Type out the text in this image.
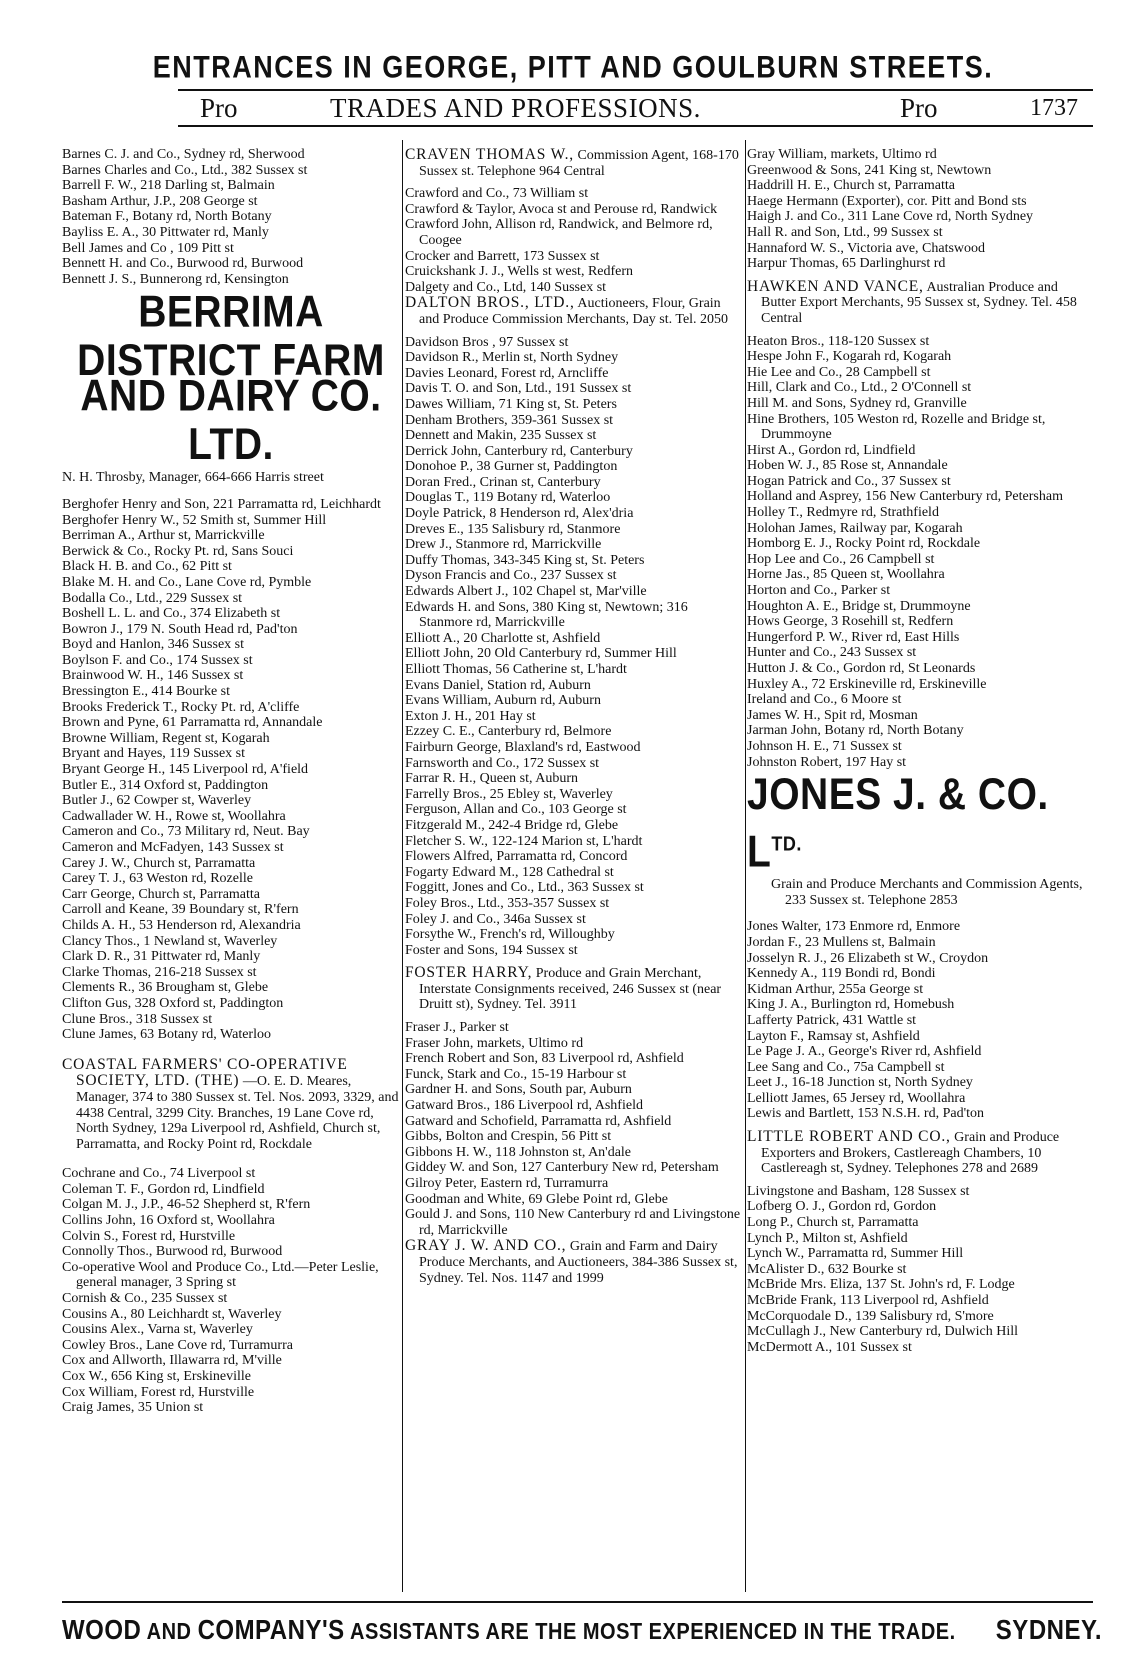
ENTRANCES IN GEORGE, PITT AND GOULBURN STREETS.
Pro	TRADES AND PROFESSIONS.	Pro	1737
Barnes C. J. and Co., Sydney rd, Sherwood
Barnes Charles and Co., Ltd., 382 Sussex st
Barrell F. W., 218 Darling st, Balmain
Basham Arthur, J.P., 208 George st
Bateman F., Botany rd, North Botany
Bayliss E. A., 30 Pittwater rd, Manly
Bell James and Co , 109 Pitt st
Bennett H. and Co., Burwood rd, Burwood
Bennett J. S., Bunnerong rd, Kensington
BERRIMA DISTRICT FARM
AND DAIRY CO. LTD.
N. H. Throsby, Manager, 664-666 Harris street
Berghofer Henry and Son, 221 Parramatta rd, Leichhardt
Berghofer Henry W., 52 Smith st, Summer Hill
Berriman A., Arthur st, Marrickville
Berwick & Co., Rocky Pt. rd, Sans Souci
Black H. B. and Co., 62 Pitt st
Blake M. H. and Co., Lane Cove rd, Pymble
Bodalla Co., Ltd., 229 Sussex st
Boshell L. L. and Co., 374 Elizabeth st
Bowron J., 179 N. South Head rd, Pad'ton
Boyd and Hanlon, 346 Sussex st
Boylson F. and Co., 174 Sussex st
Brainwood W. H., 146 Sussex st
Bressington E., 414 Bourke st
Brooks Frederick T., Rocky Pt. rd, A'cliffe
Brown and Pyne, 61 Parramatta rd, Annandale
Browne William, Regent st, Kogarah
Bryant and Hayes, 119 Sussex st
Bryant George H., 145 Liverpool rd, A'field
Butler E., 314 Oxford st, Paddington
Butler J., 62 Cowper st, Waverley
Cadwallader W. H., Rowe st, Woollahra
Cameron and Co., 73 Military rd, Neut. Bay
Cameron and McFadyen, 143 Sussex st
Carey J. W., Church st, Parramatta
Carey T. J., 63 Weston rd, Rozelle
Carr George, Church st, Parramatta
Carroll and Keane, 39 Boundary st, R'fern
Childs A. H., 53 Henderson rd, Alexandria
Clancy Thos., 1 Newland st, Waverley
Clark D. R., 31 Pittwater rd, Manly
Clarke Thomas, 216-218 Sussex st
Clements R., 36 Brougham st, Glebe
Clifton Gus, 328 Oxford st, Paddington
Clune Bros., 318 Sussex st
Clune James, 63 Botany rd, Waterloo
COASTAL FARMERS' CO-OPERATIVE SOCIETY, LTD. (THE) —O. E. D. Meares, Manager, 374 to 380 Sussex st. Tel. Nos. 2093, 3329, and 4438 Central, 3299 City. Branches, 19 Lane Cove rd, North Sydney, 129a Liverpool rd, Ashfield, Church st, Parramatta, and Rocky Point rd, Rockdale
Cochrane and Co., 74 Liverpool st
Coleman T. F., Gordon rd, Lindfield
Colgan M. J., J.P., 46-52 Shepherd st, R'fern
Collins John, 16 Oxford st, Woollahra
Colvin S., Forest rd, Hurstville
Connolly Thos., Burwood rd, Burwood
Co-operative Wool and Produce Co., Ltd.—Peter Leslie, general manager, 3 Spring st
Cornish & Co., 235 Sussex st
Cousins A., 80 Leichhardt st, Waverley
Cousins Alex., Varna st, Waverley
Cowley Bros., Lane Cove rd, Turramurra
Cox and Allworth, Illawarra rd, M'ville
Cox W., 656 King st, Erskineville
Cox William, Forest rd, Hurstville
Craig James, 35 Union st
CRAVEN THOMAS W., Commission Agent, 168-170 Sussex st. Telephone 964 Central
Crawford and Co., 73 William st
Crawford & Taylor, Avoca st and Perouse rd, Randwick
Crawford John, Allison rd, Randwick, and Belmore rd, Coogee
Crocker and Barrett, 173 Sussex st
Cruickshank J. J., Wells st west, Redfern
Dalgety and Co., Ltd, 140 Sussex st
DALTON BROS., LTD., Auctioneers, Flour, Grain and Produce Commission Merchants, Day st. Tel. 2050
Davidson Bros , 97 Sussex st
Davidson R., Merlin st, North Sydney
Davies Leonard, Forest rd, Arncliffe
Davis T. O. and Son, Ltd., 191 Sussex st
Dawes William, 71 King st, St. Peters
Denham Brothers, 359-361 Sussex st
Dennett and Makin, 235 Sussex st
Derrick John, Canterbury rd, Canterbury
Donohoe P., 38 Gurner st, Paddington
Doran Fred., Crinan st, Canterbury
Douglas T., 119 Botany rd, Waterloo
Doyle Patrick, 8 Henderson rd, Alex'dria
Dreves E., 135 Salisbury rd, Stanmore
Drew J., Stanmore rd, Marrickville
Duffy Thomas, 343-345 King st, St. Peters
Dyson Francis and Co., 237 Sussex st
Edwards Albert J., 102 Chapel st, Mar'ville
Edwards H. and Sons, 380 King st, Newtown; 316 Stanmore rd, Marrickville
Elliott A., 20 Charlotte st, Ashfield
Elliott John, 20 Old Canterbury rd, Summer Hill
Elliott Thomas, 56 Catherine st, L'hardt
Evans Daniel, Station rd, Auburn
Evans William, Auburn rd, Auburn
Exton J. H., 201 Hay st
Ezzey C. E., Canterbury rd, Belmore
Fairburn George, Blaxland's rd, Eastwood
Farnsworth and Co., 172 Sussex st
Farrar R. H., Queen st, Auburn
Farrelly Bros., 25 Ebley st, Waverley
Ferguson, Allan and Co., 103 George st
Fitzgerald M., 242-4 Bridge rd, Glebe
Fletcher S. W., 122-124 Marion st, L'hardt
Flowers Alfred, Parramatta rd, Concord
Fogarty Edward M., 128 Cathedral st
Foggitt, Jones and Co., Ltd., 363 Sussex st
Foley Bros., Ltd., 353-357 Sussex st
Foley J. and Co., 346a Sussex st
Forsythe W., French's rd, Willoughby
Foster and Sons, 194 Sussex st
FOSTER HARRY, Produce and Grain Merchant, Interstate Consignments received, 246 Sussex st (near Druitt st), Sydney. Tel. 3911
Fraser J., Parker st
Fraser John, markets, Ultimo rd
French Robert and Son, 83 Liverpool rd, Ashfield
Funck, Stark and Co., 15-19 Harbour st
Gardner H. and Sons, South par, Auburn
Gatward Bros., 186 Liverpool rd, Ashfield
Gatward and Schofield, Parramatta rd, Ashfield
Gibbs, Bolton and Crespin, 56 Pitt st
Gibbons H. W., 118 Johnston st, An'dale
Giddey W. and Son, 127 Canterbury New rd, Petersham
Gilroy Peter, Eastern rd, Turramurra
Goodman and White, 69 Glebe Point rd, Glebe
Gould J. and Sons, 110 New Canterbury rd and Livingstone rd, Marrickville
GRAY J. W. AND CO., Grain and Farm and Dairy Produce Merchants, and Auctioneers, 384-386 Sussex st, Sydney. Tel. Nos. 1147 and 1999
Gray William, markets, Ultimo rd
Greenwood & Sons, 241 King st, Newtown
Haddrill H. E., Church st, Parramatta
Haege Hermann (Exporter), cor. Pitt and Bond sts
Haigh J. and Co., 311 Lane Cove rd, North Sydney
Hall R. and Son, Ltd., 99 Sussex st
Hannaford W. S., Victoria ave, Chatswood
Harpur Thomas, 65 Darlinghurst rd
HAWKEN AND VANCE, Australian Produce and Butter Export Merchants, 95 Sussex st, Sydney. Tel. 458 Central
Heaton Bros., 118-120 Sussex st
Hespe John F., Kogarah rd, Kogarah
Hie Lee and Co., 28 Campbell st
Hill, Clark and Co., Ltd., 2 O'Connell st
Hill M. and Sons, Sydney rd, Granville
Hine Brothers, 105 Weston rd, Rozelle and Bridge st, Drummoyne
Hirst A., Gordon rd, Lindfield
Hoben W. J., 85 Rose st, Annandale
Hogan Patrick and Co., 37 Sussex st
Holland and Asprey, 156 New Canterbury rd, Petersham
Holley T., Redmyre rd, Strathfield
Holohan James, Railway par, Kogarah
Homborg E. J., Rocky Point rd, Rockdale
Hop Lee and Co., 26 Campbell st
Horne Jas., 85 Queen st, Woollahra
Horton and Co., Parker st
Houghton A. E., Bridge st, Drummoyne
Hows George, 3 Rosehill st, Redfern
Hungerford P. W., River rd, East Hills
Hunter and Co., 243 Sussex st
Hutton J. & Co., Gordon rd, St Leonards
Huxley A., 72 Erskineville rd, Erskineville
Ireland and Co., 6 Moore st
James W. H., Spit rd, Mosman
Jarman John, Botany rd, North Botany
Johnson H. E., 71 Sussex st
Johnston Robert, 197 Hay st
JONES J. & CO. $L^{TD.}$
Grain and Produce Merchants and Commission Agents, 233 Sussex st. Telephone 2853
Jones Walter, 173 Enmore rd, Enmore
Jordan F., 23 Mullens st, Balmain
Josselyn R. J., 26 Elizabeth st W., Croydon
Kennedy A., 119 Bondi rd, Bondi
Kidman Arthur, 255a George st
King J. A., Burlington rd, Homebush
Lafferty Patrick, 431 Wattle st
Layton F., Ramsay st, Ashfield
Le Page J. A., George's River rd, Ashfield
Lee Sang and Co., 75a Campbell st
Leet J., 16-18 Junction st, North Sydney
Lelliott James, 65 Jersey rd, Woollahra
Lewis and Bartlett, 153 N.S.H. rd, Pad'ton
LITTLE ROBERT AND CO., Grain and Produce Exporters and Brokers, Castlereagh Chambers, 10 Castlereagh st, Sydney. Telephones 278 and 2689
Livingstone and Basham, 128 Sussex st
Lofberg O. J., Gordon rd, Gordon
Long P., Church st, Parramatta
Lynch P., Milton st, Ashfield
Lynch W., Parramatta rd, Summer Hill
McAlister D., 632 Bourke st
McBride Mrs. Eliza, 137 St. John's rd, F. Lodge
McBride Frank, 113 Liverpool rd, Ashfield
McCorquodale D., 139 Salisbury rd, S'more
McCullagh J., New Canterbury rd, Dulwich Hill
McDermott A., 101 Sussex st
WOOD AND COMPANY'S ASSISTANTS ARE THE MOST EXPERIENCED IN THE TRADE. SYDNEY.
